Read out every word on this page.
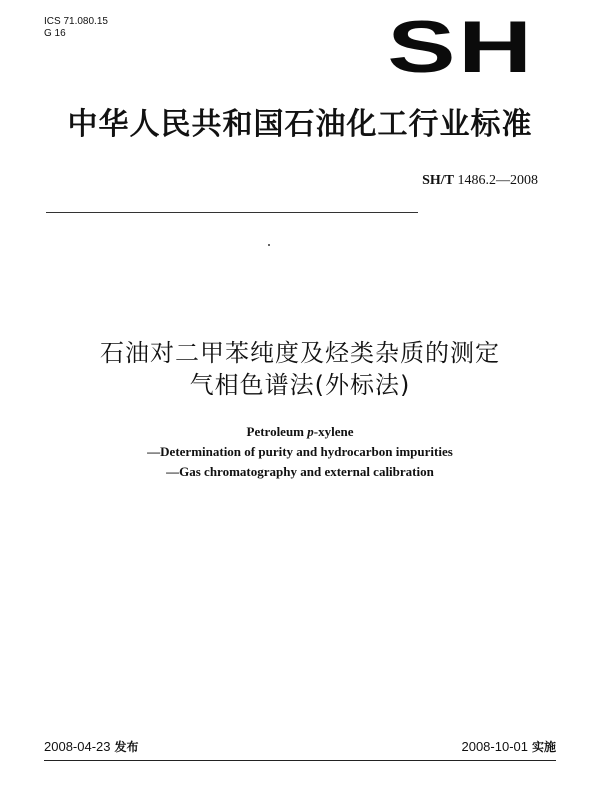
ICS 71.080.15
G 16	SH
中华人民共和国石油化工行业标准
SH/T 1486.2—2008
石油对二甲苯纯度及烃类杂质的测定
气相色谱法(外标法)
Petroleum p-xylene
—Determination of purity and hydrocarbon impurities
—Gas chromatography and external calibration
2008-04-23 发布	2008-10-01 实施
